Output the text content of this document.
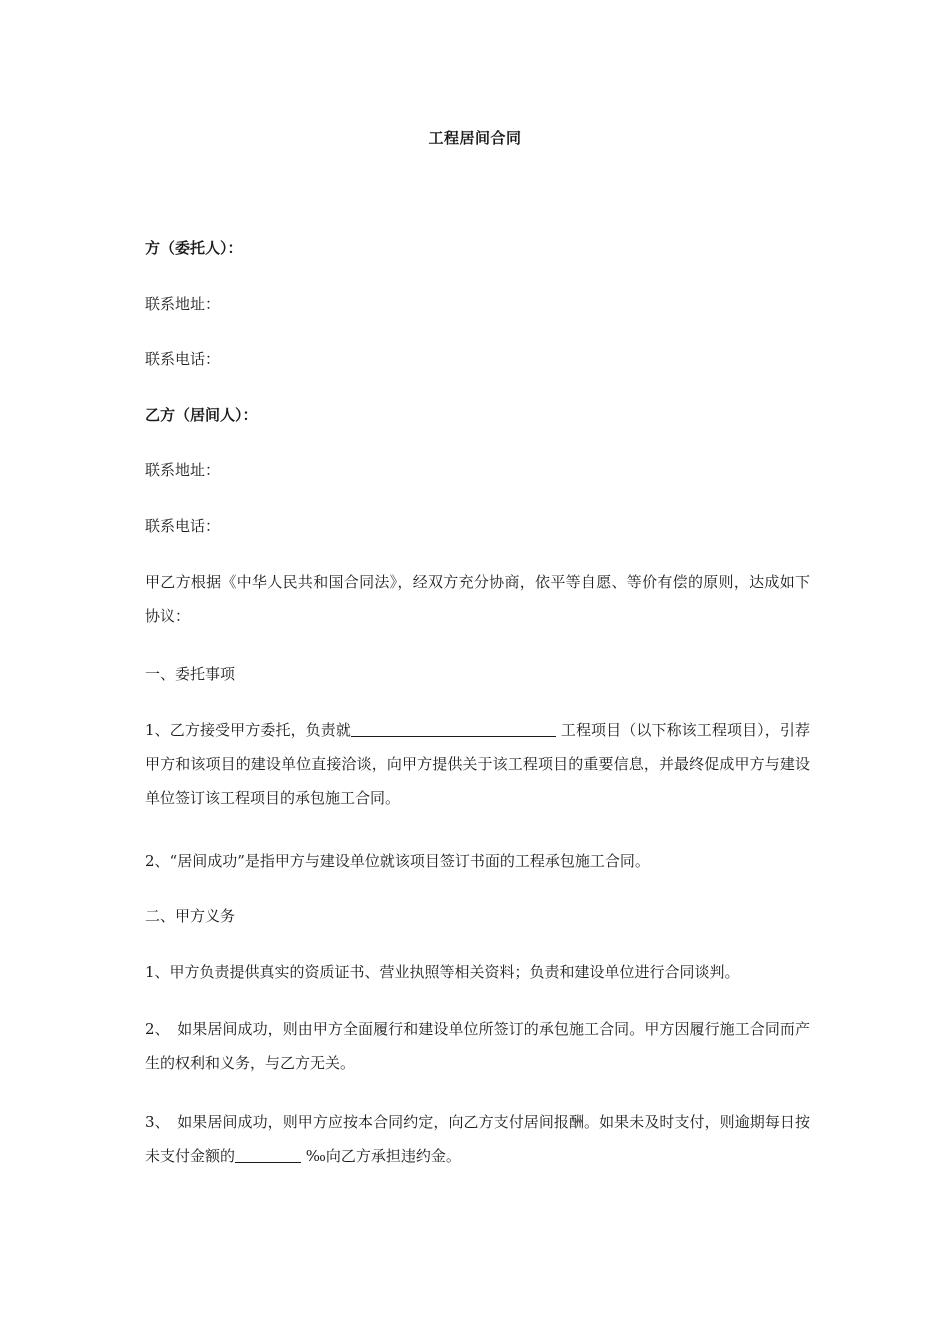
工程居间合同
方（委托人）：
联系地址：
联系电话：
乙方（居间人）：
联系地址：
联系电话：
甲乙方根据《中华人民共和国合同法》，经双方充分协商，依平等自愿、等价有偿的原则，达成如下协议：
一、委托事项
1、乙方接受甲方委托，负责就	工程项目（以下称该工程项目），引荐甲方和该项目的建设单位直接洽谈，向甲方提供关于该工程项目的重要信息，并最终促成甲方与建设单位签订该工程项目的承包施工合同。
2、“居间成功”是指甲方与建设单位就该项目签订书面的工程承包施工合同。
二、甲方义务
1、甲方负责提供真实的资质证书、营业执照等相关资料；负责和建设单位进行合同谈判。
2、　如果居间成功，则由甲方全面履行和建设单位所签订的承包施工合同。甲方因履行施工合同而产生的权利和义务，与乙方无关。
3、　如果居间成功，则甲方应按本合同约定，向乙方支付居间报酬。如果未及时支付，则逾期每日按未支付金额的	‰向乙方承担违约金。
